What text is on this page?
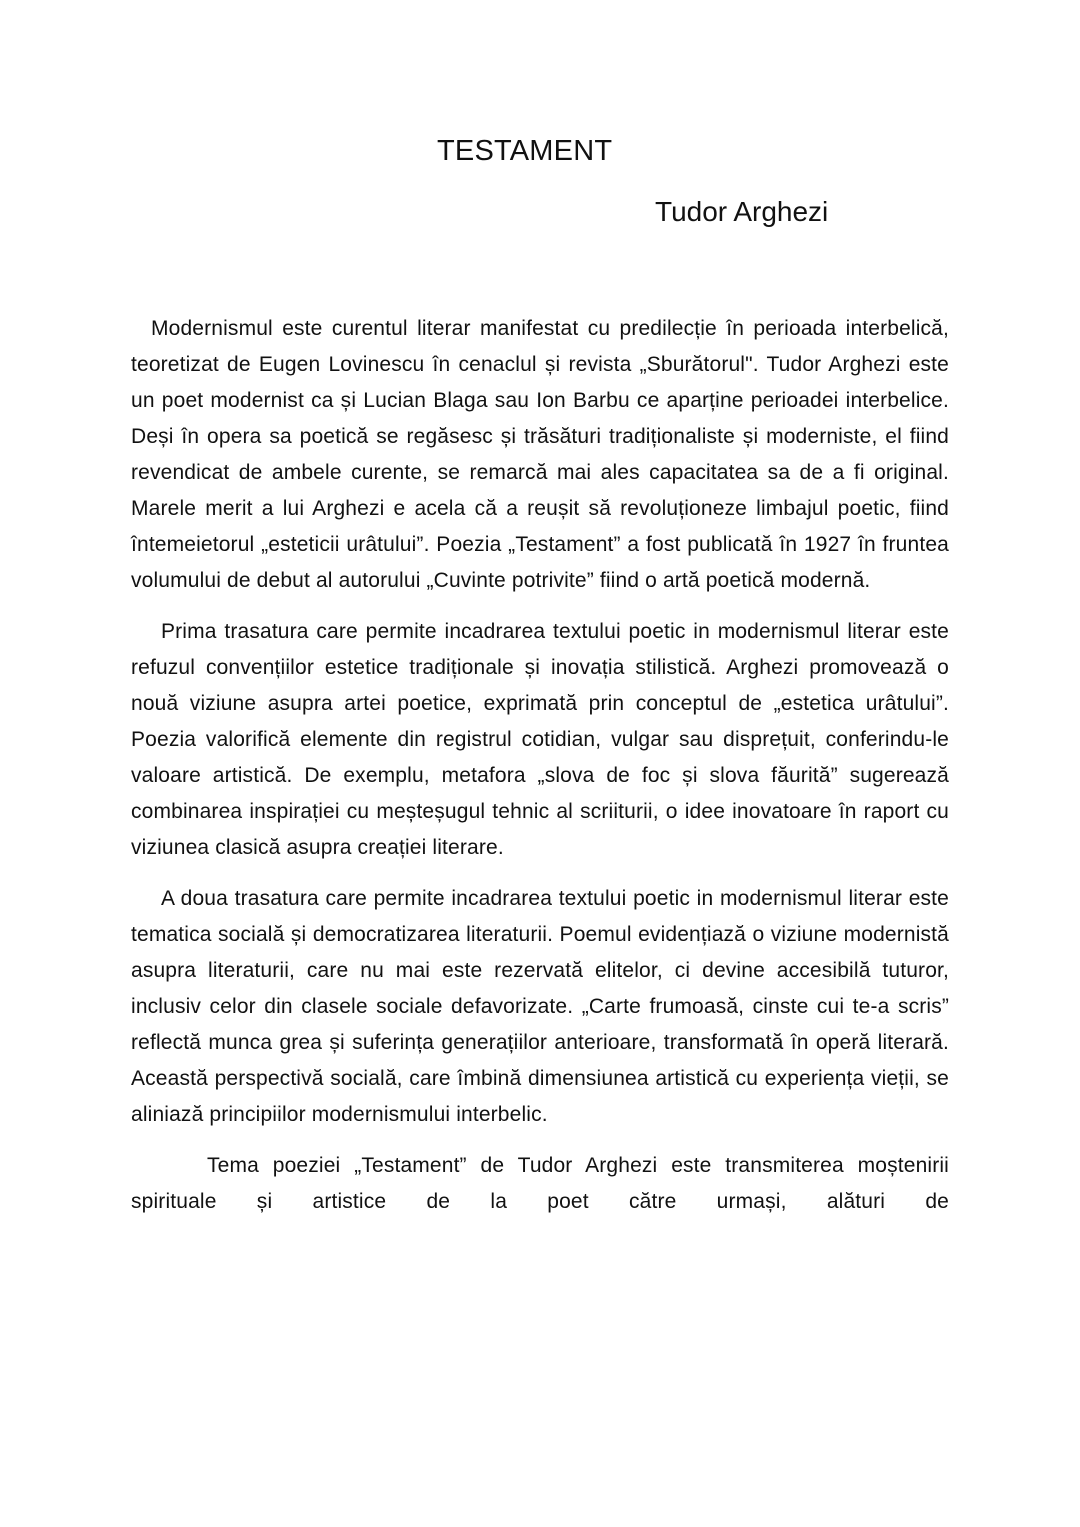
TESTAMENT
Tudor Arghezi

Modernismul este curentul literar manifestat cu predilecție în perioada interbelică, teoretizat de Eugen Lovinescu în cenaclul și revista „Sburătorul". Tudor Arghezi este un poet modernist ca și Lucian Blaga sau Ion Barbu ce aparține perioadei interbelice. Deși în opera sa poetică se regăsesc și trăsături tradiționaliste și moderniste, el fiind revendicat de ambele curente, se remarcă mai ales capacitatea sa de a fi original. Marele merit a lui Arghezi e acela că a reușit să revoluționeze limbajul poetic, fiind întemeietorul „esteticii urâtului”. Poezia „Testament” a fost publicată în 1927 în fruntea volumului de debut al autorului „Cuvinte potrivite” fiind o artă poetică modernă.

Prima trasatura care permite incadrarea textului poetic in modernismul literar este refuzul convențiilor estetice tradiționale și inovația stilistică. Arghezi promovează o nouă viziune asupra artei poetice, exprimată prin conceptul de „estetica urâtului”. Poezia valorifică elemente din registrul cotidian, vulgar sau disprețuit, conferindu-le valoare artistică. De exemplu, metafora „slova de foc și slova făurită” sugerează combinarea inspirației cu meșteșugul tehnic al scriiturii, o idee inovatoare în raport cu viziunea clasică asupra creației literare.

A doua trasatura care permite incadrarea textului poetic in modernismul literar este tematica socială și democratizarea literaturii. Poemul evidențiază o viziune modernistă asupra literaturii, care nu mai este rezervată elitelor, ci devine accesibilă tuturor, inclusiv celor din clasele sociale defavorizate. „Carte frumoasă, cinste cui te-a scris” reflectă munca grea și suferința generațiilor anterioare, transformată în operă literară. Această perspectivă socială, care îmbină dimensiunea artistică cu experiența vieții, se aliniază principiilor modernismului interbelic.

Tema poeziei „Testament” de Tudor Arghezi este transmiterea moștenirii spirituale și artistice de la poet către urmași, alături de
